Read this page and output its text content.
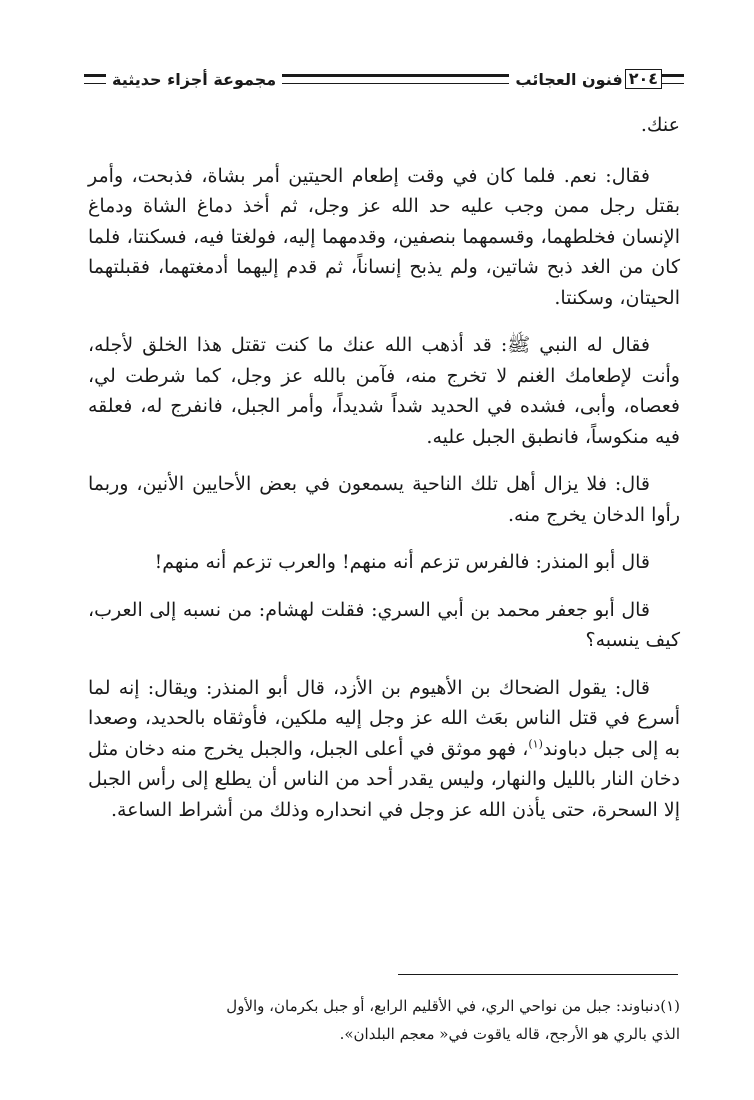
٢٠٤
فنون العجائب
مجموعة أجزاء حديثية

عنك.

فقال: نعم. فلما كان في وقت إطعام الحيتين أمر بشاة، فذبحت، وأمر بقتل رجل ممن وجب عليه حد الله عز وجل، ثم أخذ دماغ الشاة ودماغ الإنسان فخلطهما، وقسمهما بنصفين، وقدمهما إليه، فولغتا فيه، فسكنتا، فلما كان من الغد ذبح شاتين، ولم يذبح إنساناً، ثم قدم إليهما أدمغتهما، فقبلتهما الحيتان، وسكنتا.

فقال له النبي ﷺ: قد أذهب الله عنك ما كنت تقتل هذا الخلق لأجله، وأنت لإطعامك الغنم لا تخرج منه، فآمن بالله عز وجل، كما شرطت لي، فعصاه، وأبى، فشده في الحديد شداً شديداً، وأمر الجبل، فانفرج له، فعلقه فيه منكوساً، فانطبق الجبل عليه.

قال: فلا يزال أهل تلك الناحية يسمعون في بعض الأحايين الأنين، وربما رأوا الدخان يخرج منه.

قال أبو المنذر: فالفرس تزعم أنه منهم! والعرب تزعم أنه منهم!

قال أبو جعفر محمد بن أبي السري: فقلت لهشام: من نسبه إلى العرب، كيف ينسبه؟

قال: يقول الضحاك بن الأهيوم بن الأزد، قال أبو المنذر: ويقال: إنه لما أسرع في قتل الناس بعَث الله عز وجل إليه ملكين، فأوثقاه بالحديد، وصعدا به إلى جبل دباوند$^{(١)}$، فهو موثق في أعلى الجبل، والجبل يخرج منه دخان مثل دخان النار بالليل والنهار، وليس يقدر أحد من الناس أن يطلع إلى رأس الجبل إلا السحرة، حتى يأذن الله عز وجل في انحداره وذلك من أشراط الساعة.

(١)دنباوند: جبل من نواحي الري، في الأقليم الرابع، أو جبل بكرمان، والأول

الذي بالري هو الأرجح، قاله ياقوت في« معجم البلدان».
